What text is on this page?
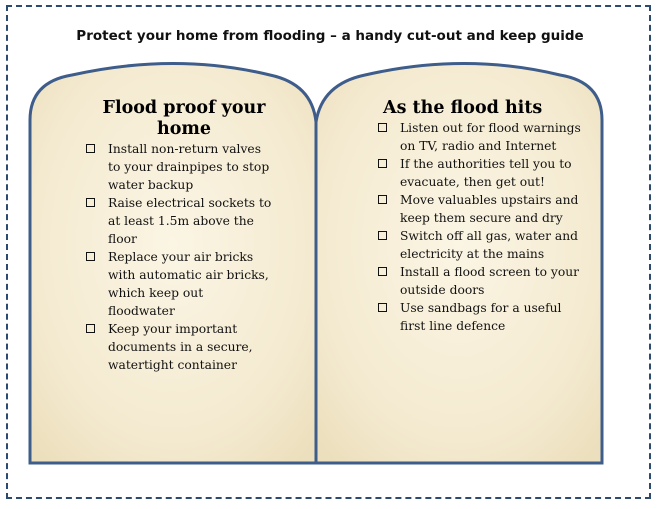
Protect your home from flooding – a handy cut-out and keep guide
Flood proof your home
Install non-return valves to your drainpipes to stop water backup
Raise electrical sockets to at least 1.5m above the floor
Replace your air bricks with automatic air bricks, which keep out floodwater
Keep your important documents in a secure, watertight container
As the flood hits
Listen out for flood warnings on TV, radio and Internet
If the authorities tell you to evacuate, then get out!
Move valuables upstairs and keep them secure and dry
Switch off all gas, water and electricity at the mains
Install a flood screen to your outside doors
Use sandbags for a useful first line defence
